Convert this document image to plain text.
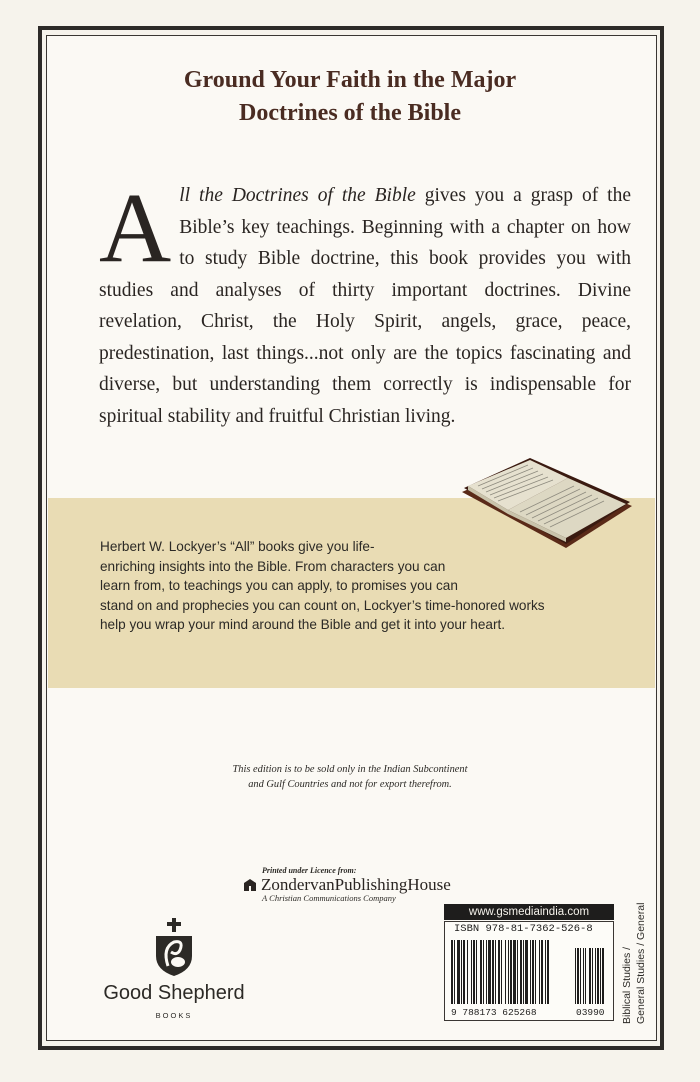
Ground Your Faith in the Major
Doctrines of the Bible
All the Doctrines of the Bible gives you a grasp of the Bible’s key teachings. Beginning with a chapter on how to study Bible doctrine, this book provides you with studies and analyses of thirty important doctrines. Divine revelation, Christ, the Holy Spirit, angels, grace, peace, predestination, last things...not only are the topics fascinating and diverse, but understanding them correctly is indispensable for spiritual stability and fruitful Christian living.
Herbert W. Lockyer’s “All” books give you life-
enriching insights into the Bible. From characters you can
learn from, to teachings you can apply, to promises you can
stand on and prophecies you can count on, Lockyer’s time-honored works
help you wrap your mind around the Bible and get it into your heart.
This edition is to be sold only in the Indian Subcontinent
and Gulf Countries and not for export therefrom.
Printed under Licence from:
ZondervanPublishingHouse
A Christian Communications Company
Good Shepherd
BOOKS
www.gsmedia​india.com
ISBN 978-81-7362-526-8
9 788173 625268	03990 Biblical Studies / General Studies / General
